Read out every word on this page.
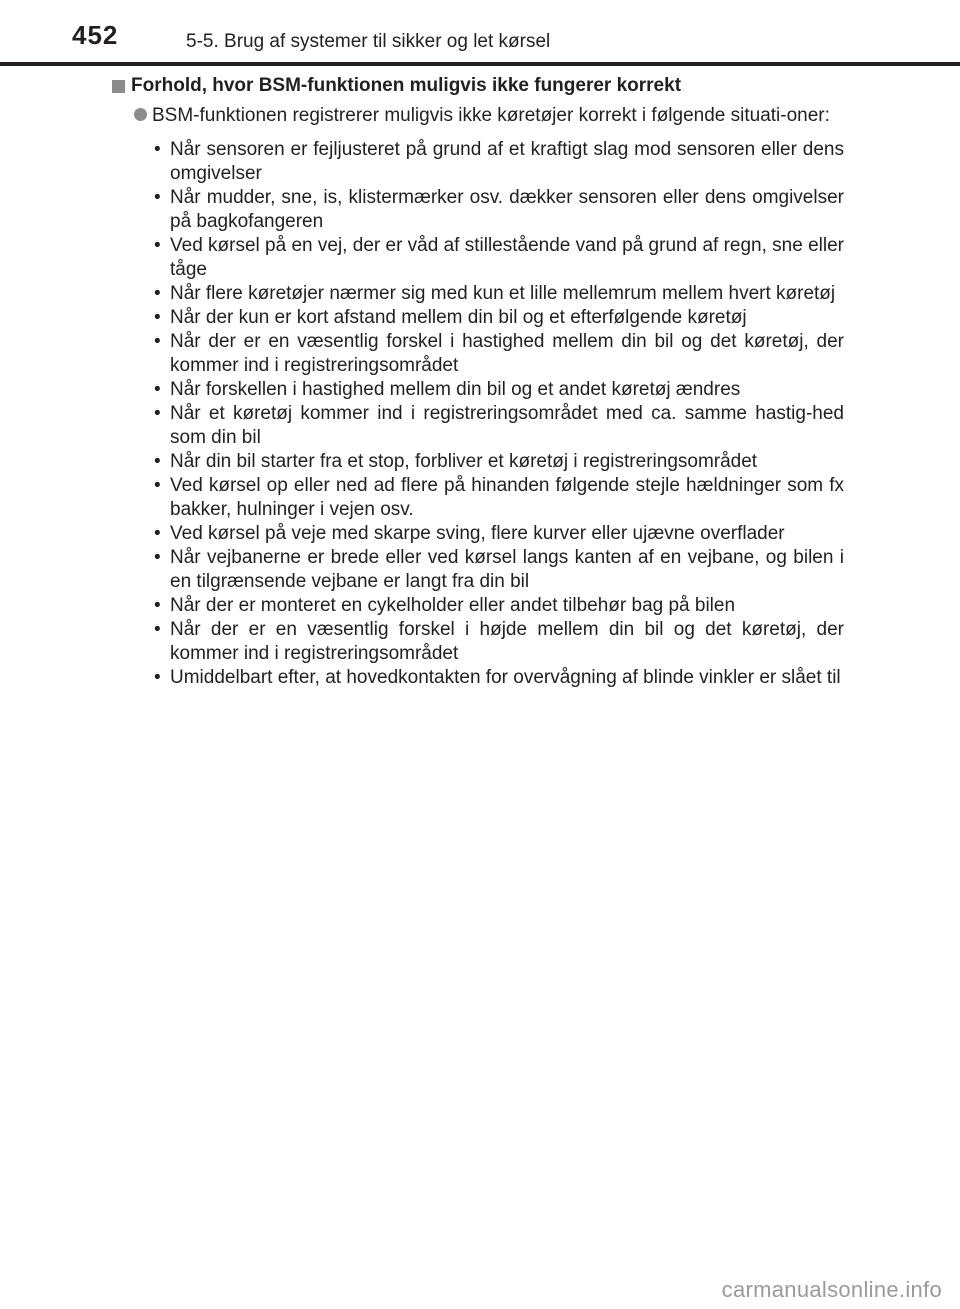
452	5-5. Brug af systemer til sikker og let kørsel
Forhold, hvor BSM-funktionen muligvis ikke fungerer korrekt
BSM-funktionen registrerer muligvis ikke køretøjer korrekt i følgende situati-oner:
• Når sensoren er fejljusteret på grund af et kraftigt slag mod sensoren eller dens omgivelser
• Når mudder, sne, is, klistermærker osv. dækker sensoren eller dens omgivelser på bagkofangeren
• Ved kørsel på en vej, der er våd af stillestående vand på grund af regn, sne eller tåge
• Når flere køretøjer nærmer sig med kun et lille mellemrum mellem hvert køretøj
• Når der kun er kort afstand mellem din bil og et efterfølgende køretøj
• Når der er en væsentlig forskel i hastighed mellem din bil og det køretøj, der kommer ind i registreringsområdet
• Når forskellen i hastighed mellem din bil og et andet køretøj ændres
• Når et køretøj kommer ind i registreringsområdet med ca. samme hastig-hed som din bil
• Når din bil starter fra et stop, forbliver et køretøj i registreringsområdet
• Ved kørsel op eller ned ad flere på hinanden følgende stejle hældninger som fx bakker, hulninger i vejen osv.
• Ved kørsel på veje med skarpe sving, flere kurver eller ujævne overflader
• Når vejbanerne er brede eller ved kørsel langs kanten af en vejbane, og bilen i en tilgrænsende vejbane er langt fra din bil
• Når der er monteret en cykelholder eller andet tilbehør bag på bilen
• Når der er en væsentlig forskel i højde mellem din bil og det køretøj, der kommer ind i registreringsområdet
• Umiddelbart efter, at hovedkontakten for overvågning af blinde vinkler er slået til
carmanualsonline.info
